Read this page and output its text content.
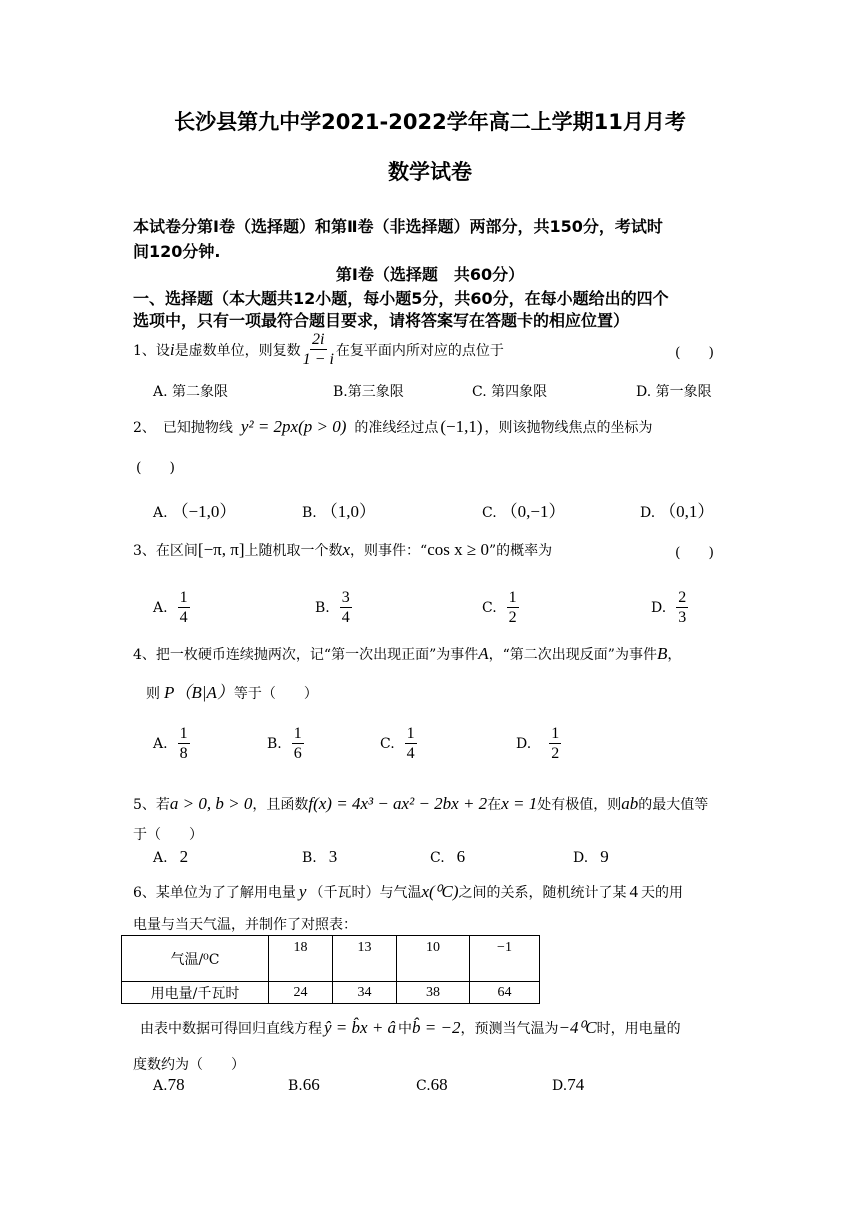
长沙县第九中学2021-2022学年高二上学期11月月考
数学试卷
本试卷分第Ⅰ卷（选择题）和第Ⅱ卷（非选择题）两部分，共150分，考试时
间120分钟.
第Ⅰ卷（选择题　共60分）
一、选择题（本大题共12小题，每小题5分，共60分，在每小题给出的四个
选项中，只有一项最符合题目要求，请将答案写在答题卡的相应位置）
1、设 i 是虚数单位，则复数 $\frac{2i}{1 - i}$ 在复平面内所对应的点位于	(　　)
A. 第二象限	B.第三象限	C. 第四象限	D. 第一象限
2、　已知抛物线 y² = 2px(p > 0) 的准线经过点 (−1,1) ，则该抛物线焦点的坐标为
(　　)
A. （−1,0）	B. （1,0）	C. （0,−1）	D. （0,1）
3、在区间 [−π, π] 上随机取一个数 x ，则事件：“ cos x ≥ 0 ”的概率为	(　　)
A. $\frac{1}{4}$	B. $\frac{3}{4}$	C. $\frac{1}{2}$	D. $\frac{2}{3}$
4、把一枚硬币连续抛两次，记“第一次出现正面”为事件 A ，“第二次出现反面”为事件 B ，
则 P（B|A） 等于（　　）
A. $\frac{1}{8}$	B. $\frac{1}{6}$	C. $\frac{1}{4}$	D. $\frac{1}{2}$
5、若 a > 0, b > 0 ，且函数 f(x) = 4x³ − ax² − 2bx + 2 在 x = 1 处有极值，则 ab 的最大值等
于（　　）
A. 2	B. 3	C. 6	D. 9
6、某单位为了了解用电量 y （千瓦时）与气温 x(⁰C) 之间的关系，随机统计了某 4 天的用
电量与当天气温，并制作了对照表：
气温/⁰C	18	13	10	−1
用电量/千瓦时	24	34	38	64
由表中数据可得回归直线方程 ŷ = b̂x + â 中 b̂ = −2 ，预测当气温为 −4⁰C 时，用电量的
度数约为（　　）
A.78	B.66	C.68	D.74
